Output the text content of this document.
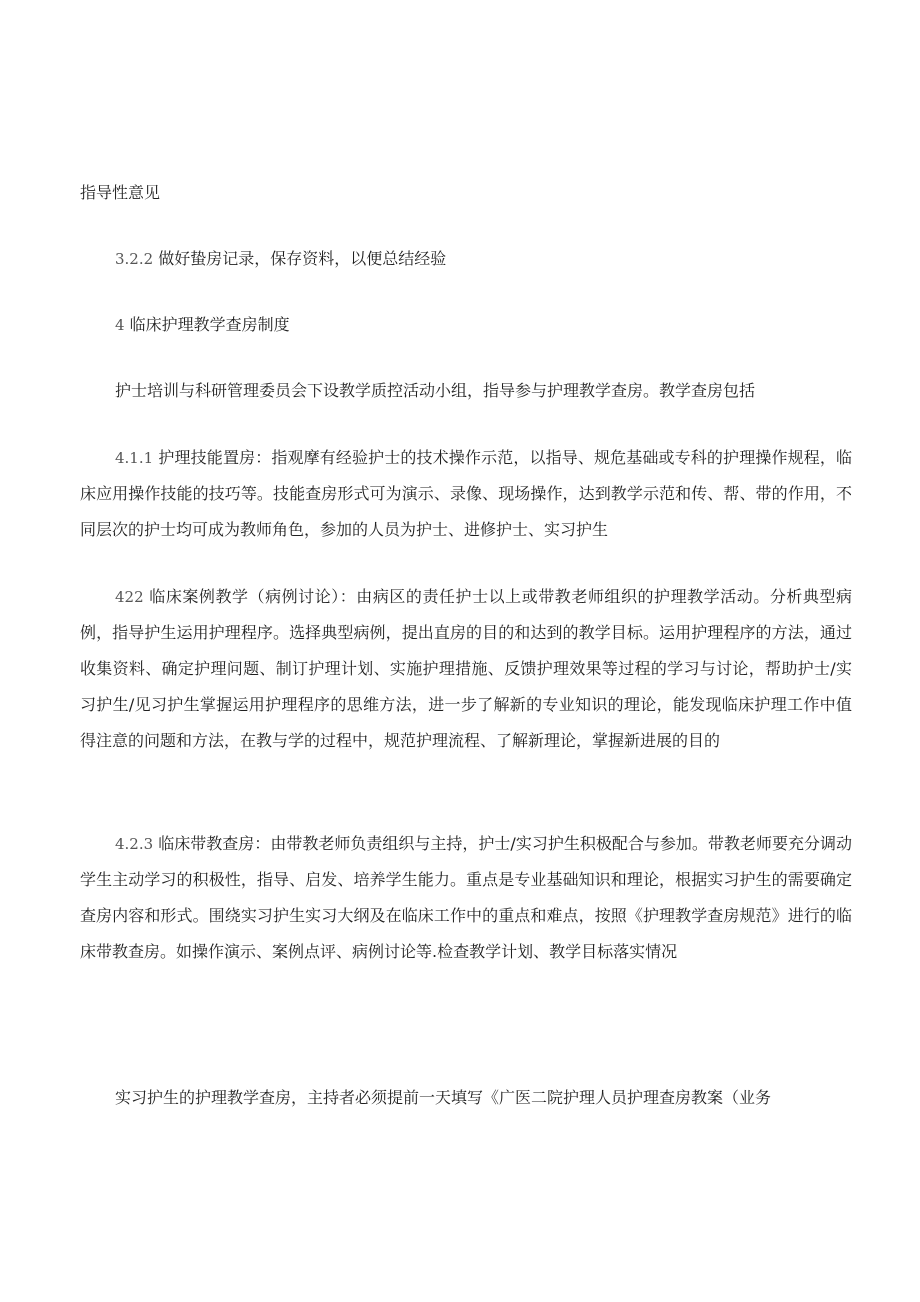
指导性意见

3.2.2 做好蛰房记录，保存资料，以便总结经验

4 临床护理教学查房制度

护士培训与科研管理委员会下设教学质控活动小组，指导参与护理教学查房。教学查房包括

4.1.1 护理技能置房：指观摩有经验护士的技术操作示范，以指导、规危基础或专科的护理操作规程，临床应用操作技能的技巧等。技能查房形式可为演示、录像、现场操作，达到教学示范和传、帮、带的作用，不同层次的护士均可成为教师角色，参加的人员为护士、进修护士、实习护生

422 临床案例教学（病例讨论）：由病区的责任护士以上或带教老师组织的护理教学活动。分析典型病例，指导护生运用护理程序。选择典型病例，提出直房的目的和达到的教学目标。运用护理程序的方法，通过收集资料、确定护理问题、制订护理计划、实施护理措施、反馈护理效果等过程的学习与讨论，帮助护士/实习护生/见习护生掌握运用护理程序的思维方法，进一步了解新的专业知识的理论，能发现临床护理工作中值得注意的问题和方法，在教与学的过程中，规范护理流程、了解新理论，掌握新进展的目的

4.2.3 临床带教查房：由带教老师负责组织与主持，护士/实习护生积极配合与参加。带教老师要充分调动学生主动学习的积极性，指导、启发、培养学生能力。重点是专业基础知识和理论，根据实习护生的需要确定查房内容和形式。围绕实习护生实习大纲及在临床工作中的重点和难点，按照《护理教学查房规范》进行的临床带教查房。如操作演示、案例点评、病例讨论等.检查教学计划、教学目标落实情况

实习护生的护理教学查房，主持者必须提前一天填写《广医二院护理人员护理查房教案（业务
